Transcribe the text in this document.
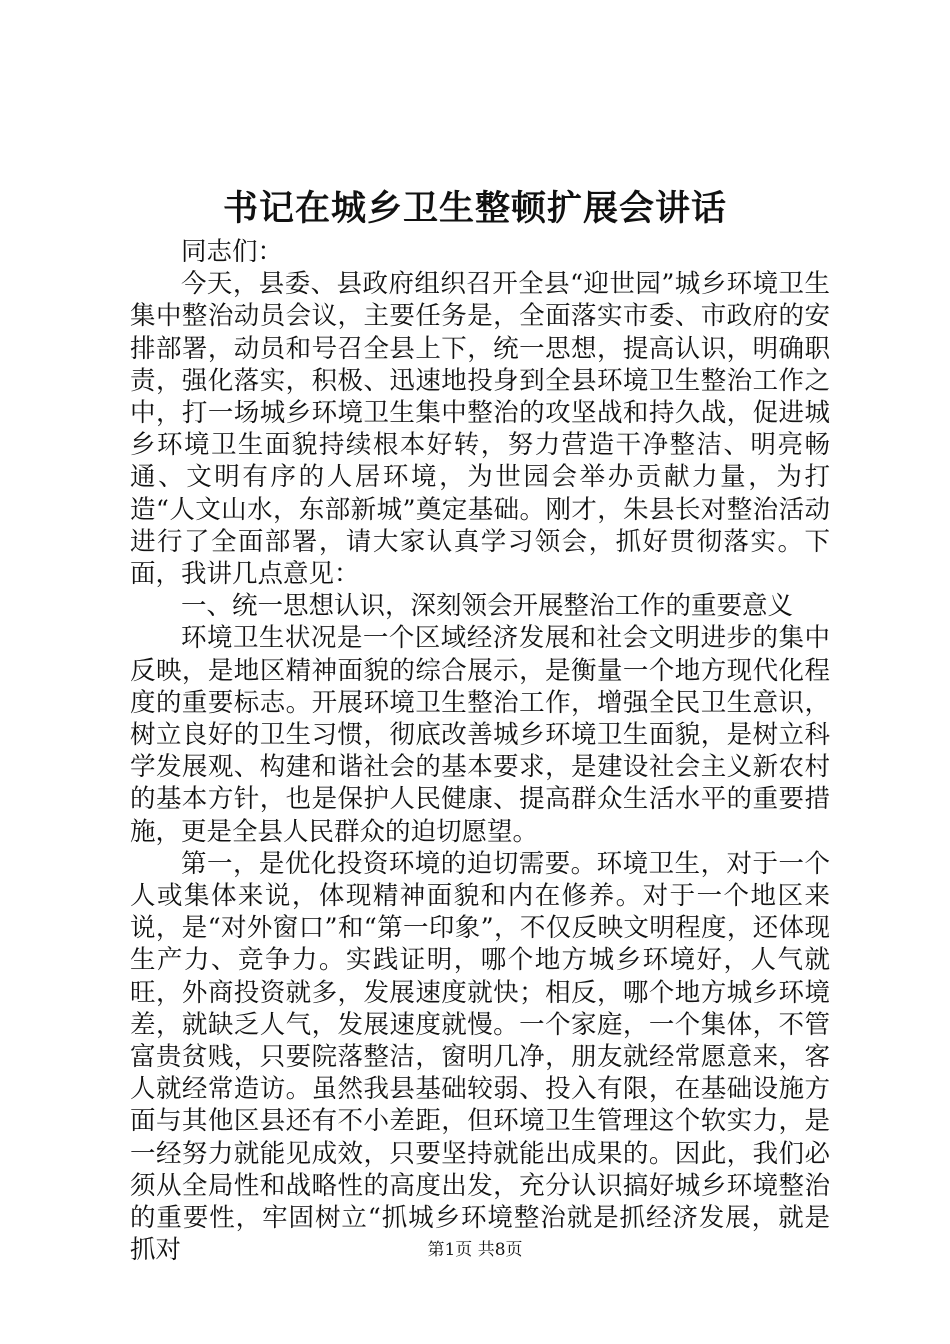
书记在城乡卫生整顿扩展会讲话

同志们：

今天，县委、县政府组织召开全县“迎世园”城乡环境卫生集中整治动员会议，主要任务是，全面落实市委、市政府的安排部署，动员和号召全县上下，统一思想，提高认识，明确职责，强化落实，积极、迅速地投身到全县环境卫生整治工作之中，打一场城乡环境卫生集中整治的攻坚战和持久战，促进城乡环境卫生面貌持续根本好转，努力营造干净整洁、明亮畅通、文明有序的人居环境，为世园会举办贡献力量，为打造“人文山水，东部新城”奠定基础。刚才，朱县长对整治活动进行了全面部署，请大家认真学习领会，抓好贯彻落实。下面，我讲几点意见：

一、统一思想认识，深刻领会开展整治工作的重要意义

环境卫生状况是一个区域经济发展和社会文明进步的集中反映，是地区精神面貌的综合展示，是衡量一个地方现代化程度的重要标志。开展环境卫生整治工作，增强全民卫生意识，树立良好的卫生习惯，彻底改善城乡环境卫生面貌，是树立科学发展观、构建和谐社会的基本要求，是建设社会主义新农村的基本方针，也是保护人民健康、提高群众生活水平的重要措施，更是全县人民群众的迫切愿望。

第一，是优化投资环境的迫切需要。环境卫生，对于一个人或集体来说，体现精神面貌和内在修养。对于一个地区来说，是“对外窗口”和“第一印象”，不仅反映文明程度，还体现生产力、竞争力。实践证明，哪个地方城乡环境好，人气就旺，外商投资就多，发展速度就快；相反，哪个地方城乡环境差，就缺乏人气，发展速度就慢。一个家庭，一个集体，不管富贵贫贱，只要院落整洁，窗明几净，朋友就经常愿意来，客人就经常造访。虽然我县基础较弱、投入有限，在基础设施方面与其他区县还有不小差距，但环境卫生管理这个软实力，是一经努力就能见成效，只要坚持就能出成果的。因此，我们必须从全局性和战略性的高度出发，充分认识搞好城乡环境整治的重要性，牢固树立“抓城乡环境整治就是抓经济发展，就是抓对	第1页 共8页
